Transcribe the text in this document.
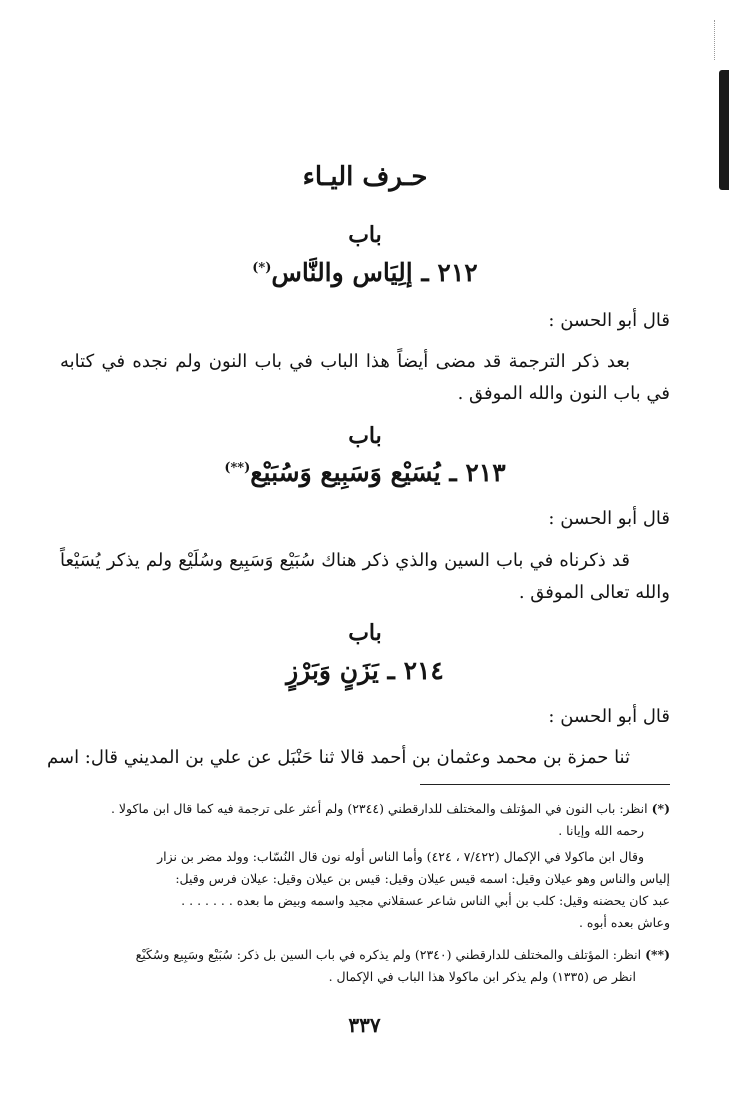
حـرف اليـاء
باب
٢١٢ ـ إلِيَاس والنَّاس(*)
قال أبو الحسن :
بعد ذكر الترجمة قد مضى أيضاً هذا الباب في باب النون ولم نجده في كتابه في باب النون والله الموفق .
باب
٢١٣ ـ يُسَيْع وَسَبِيع وَسُبَيْع(**)
قال أبو الحسن :
قد ذكرناه في باب السين والذي ذكر هناك سُبَيْع وَسَبِيع وسُلَيْع ولم يذكر يُسَيْعاً والله تعالى الموفق .
باب
٢١٤ ـ يَزَنٍ وَبَرْزٍ
قال أبو الحسن :
ثنا حمزة بن محمد وعثمان بن أحمد قالا ثنا حَنْبَل عن علي بن المديني قال: اسم
(*) انظر: باب النون في المؤتلف والمختلف للدارقطني (٢٣٤٤) ولم أعثر على ترجمة فيه كما قال ابن ماكولا .
رحمه الله وإيانا .
وقال ابن ماكولا في الإكمال (٧/٤٢٢ ، ٤٢٤) وأما الناس أوله نون قال النُسّاب: وولد مضر بن نزار
إلياس والناس وهو عيلان وقيل: اسمه قيس عيلان وقيل: قيس بن عيلان وقيل: عيلان فرس وقيل:
عبد كان يحضنه وقيل: كلب بن أبي الناس شاعر عسقلاني مجيد واسمه وبيض ما بعده . . . . . . .
وعاش بعده أبوه .
(**) انظر: المؤتلف والمختلف للدارقطني (٢٣٤٠) ولم يذكره في باب السين بل ذكر: سُبَيْع وسَبِيع وسُكَيْع
انظر ص (١٣٣٥) ولم يذكر ابن ماكولا هذا الباب في الإكمال .
٣٣٧
